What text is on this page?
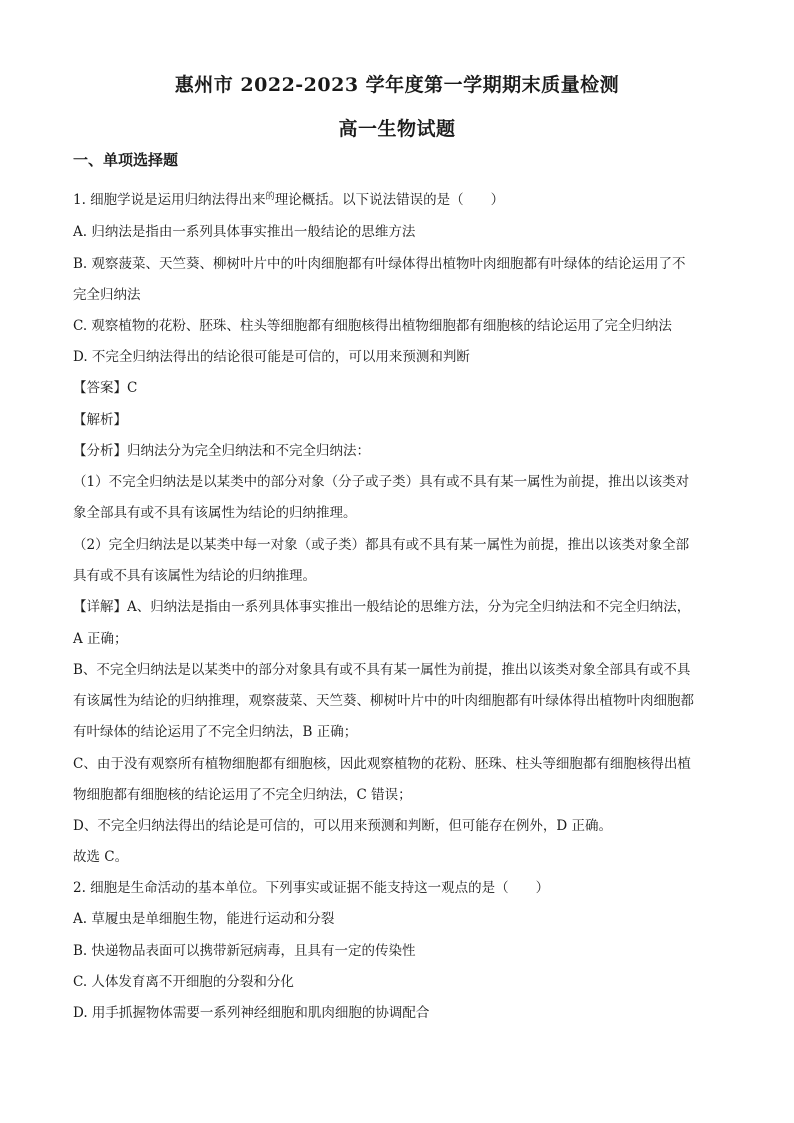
惠州市 2022-2023 学年度第一学期期末质量检测
高一生物试题
一、单项选择题
1. 细胞学说是运用归纳法得出来$^的$理论概括。以下说法错误的是（　　）
A. 归纳法是指由一系列具体事实推出一般结论的思维方法
B. 观察菠菜、天竺葵、柳树叶片中的叶肉细胞都有叶绿体得出植物叶肉细胞都有叶绿体的结论运用了不
完全归纳法
C. 观察植物的花粉、胚珠、柱头等细胞都有细胞核得出植物细胞都有细胞核的结论运用了完全归纳法
D. 不完全归纳法得出的结论很可能是可信的，可以用来预测和判断
【答案】C
【解析】
【分析】归纳法分为完全归纳法和不完全归纳法：
（1）不完全归纳法是以某类中的部分对象（分子或子类）具有或不具有某一属性为前提，推出以该类对
象全部具有或不具有该属性为结论的归纳推理。
（2）完全归纳法是以某类中每一对象（或子类）都具有或不具有某一属性为前提，推出以该类对象全部
具有或不具有该属性为结论的归纳推理。
【详解】A、归纳法是指由一系列具体事实推出一般结论的思维方法，分为完全归纳法和不完全归纳法，
A 正确；
B、不完全归纳法是以某类中的部分对象具有或不具有某一属性为前提，推出以该类对象全部具有或不具
有该属性为结论的归纳推理，观察菠菜、天竺葵、柳树叶片中的叶肉细胞都有叶绿体得出植物叶肉细胞都
有叶绿体的结论运用了不完全归纳法，B 正确；
C、由于没有观察所有植物细胞都有细胞核，因此观察植物的花粉、胚珠、柱头等细胞都有细胞核得出植
物细胞都有细胞核的结论运用了不完全归纳法，C 错误；
D、不完全归纳法得出的结论是可信的，可以用来预测和判断，但可能存在例外，D 正确。
故选 C。
2. 细胞是生命活动的基本单位。下列事实或证据不能支持这一观点的是（　　）
A. 草履虫是单细胞生物，能进行运动和分裂
B. 快递物品表面可以携带新冠病毒，且具有一定的传染性
C. 人体发育离不开细胞的分裂和分化
D. 用手抓握物体需要一系列神经细胞和肌肉细胞的协调配合
